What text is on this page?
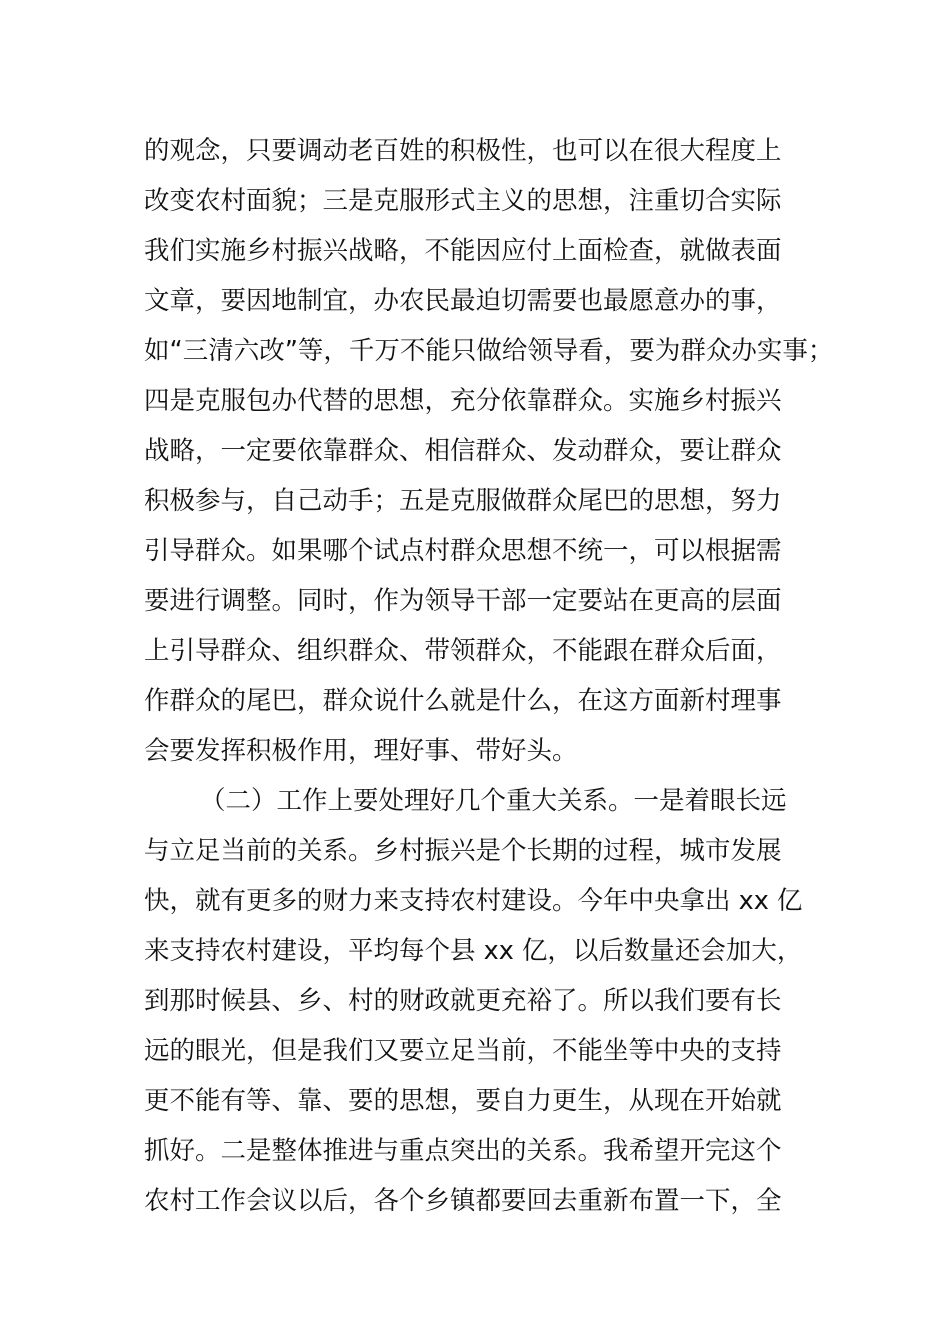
的观念，只要调动老百姓的积极性，也可以在很大程度上
改变农村面貌；三是克服形式主义的思想，注重切合实际
我们实施乡村振兴战略，不能因应付上面检查，就做表面
文章，要因地制宜，办农民最迫切需要也最愿意办的事，
如“三清六改”等，千万不能只做给领导看，要为群众办实事；
四是克服包办代替的思想，充分依靠群众。实施乡村振兴
战略，一定要依靠群众、相信群众、发动群众，要让群众
积极参与，自己动手；五是克服做群众尾巴的思想，努力
引导群众。如果哪个试点村群众思想不统一，可以根据需
要进行调整。同时，作为领导干部一定要站在更高的层面
上引导群众、组织群众、带领群众，不能跟在群众后面，
作群众的尾巴，群众说什么就是什么，在这方面新村理事
会要发挥积极作用，理好事、带好头。
（二）工作上要处理好几个重大关系。一是着眼长远
与立足当前的关系。乡村振兴是个长期的过程，城市发展
快，就有更多的财力来支持农村建设。今年中央拿出 xx 亿
来支持农村建设，平均每个县 xx 亿，以后数量还会加大，
到那时候县、乡、村的财政就更充裕了。所以我们要有长
远的眼光，但是我们又要立足当前，不能坐等中央的支持
更不能有等、靠、要的思想，要自力更生，从现在开始就
抓好。二是整体推进与重点突出的关系。我希望开完这个
农村工作会议以后，各个乡镇都要回去重新布置一下，全
